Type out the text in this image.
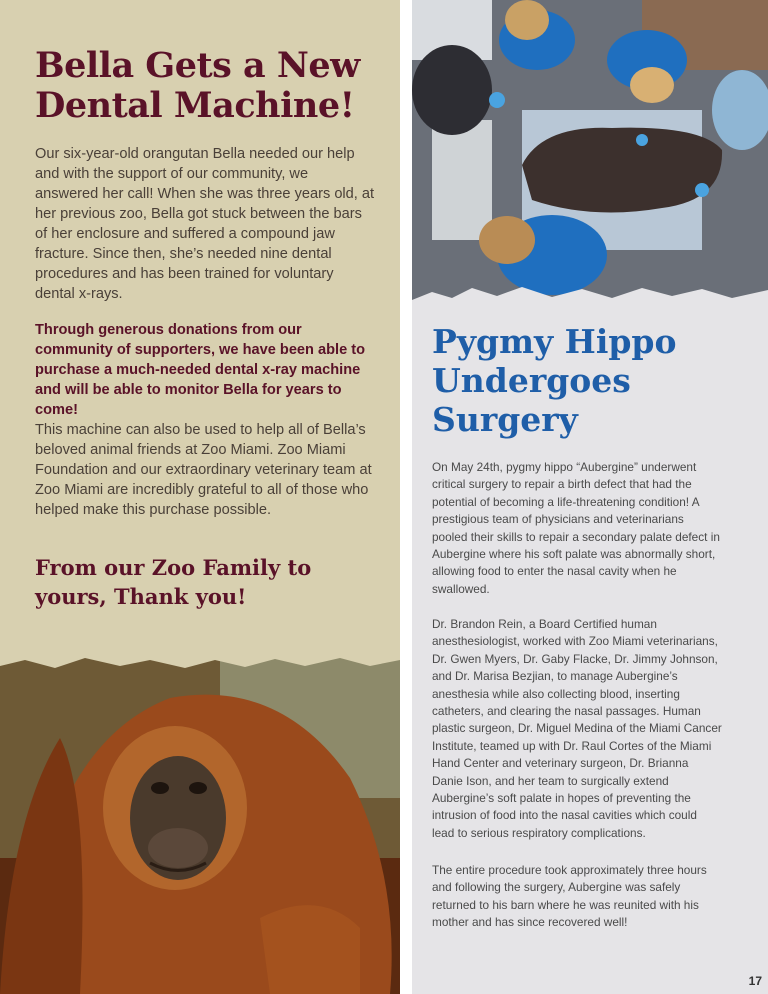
Bella Gets a New Dental Machine!

Our six-year-old orangutan Bella needed our help and with the support of our community, we answered her call! When she was three years old, at her previous zoo, Bella got stuck between the bars of her enclosure and suffered a compound jaw fracture. Since then, she’s needed nine dental procedures and has been trained for voluntary dental x-rays.

Through generous donations from our community of supporters, we have been able to purchase a much-needed dental x-ray machine and will be able to monitor Bella for years to come!
This machine can also be used to help all of Bella’s beloved animal friends at Zoo Miami. Zoo Miami Foundation and our extraordinary veterinary team at Zoo Miami are incredibly grateful to all of those who helped make this purchase possible.

From our Zoo Family to yours, Thank you!
Pygmy Hippo Undergoes Surgery

On May 24th, pygmy hippo “Aubergine” underwent critical surgery to repair a birth defect that had the potential of becoming a life-threatening condition! A prestigious team of physicians and veterinarians pooled their skills to repair a secondary palate defect in Aubergine where his soft palate was abnormally short, allowing food to enter the nasal cavity when he swallowed.

Dr. Brandon Rein, a Board Certified human anesthesiologist, worked with Zoo Miami veterinarians, Dr. Gwen Myers, Dr. Gaby Flacke, Dr. Jimmy Johnson, and Dr. Marisa Bezjian, to manage Aubergine’s anesthesia while also collecting blood, inserting catheters, and clearing the nasal passages. Human plastic surgeon, Dr. Miguel Medina of the Miami Cancer Institute, teamed up with Dr. Raul Cortes of the Miami Hand Center and veterinary surgeon, Dr. Brianna Danie Ison, and her team to surgically extend Aubergine’s soft palate in hopes of preventing the intrusion of food into the nasal cavities which could lead to serious respiratory complications.

The entire procedure took approximately three hours and following the surgery, Aubergine was safely returned to his barn where he was reunited with his mother and has since recovered well!

17
